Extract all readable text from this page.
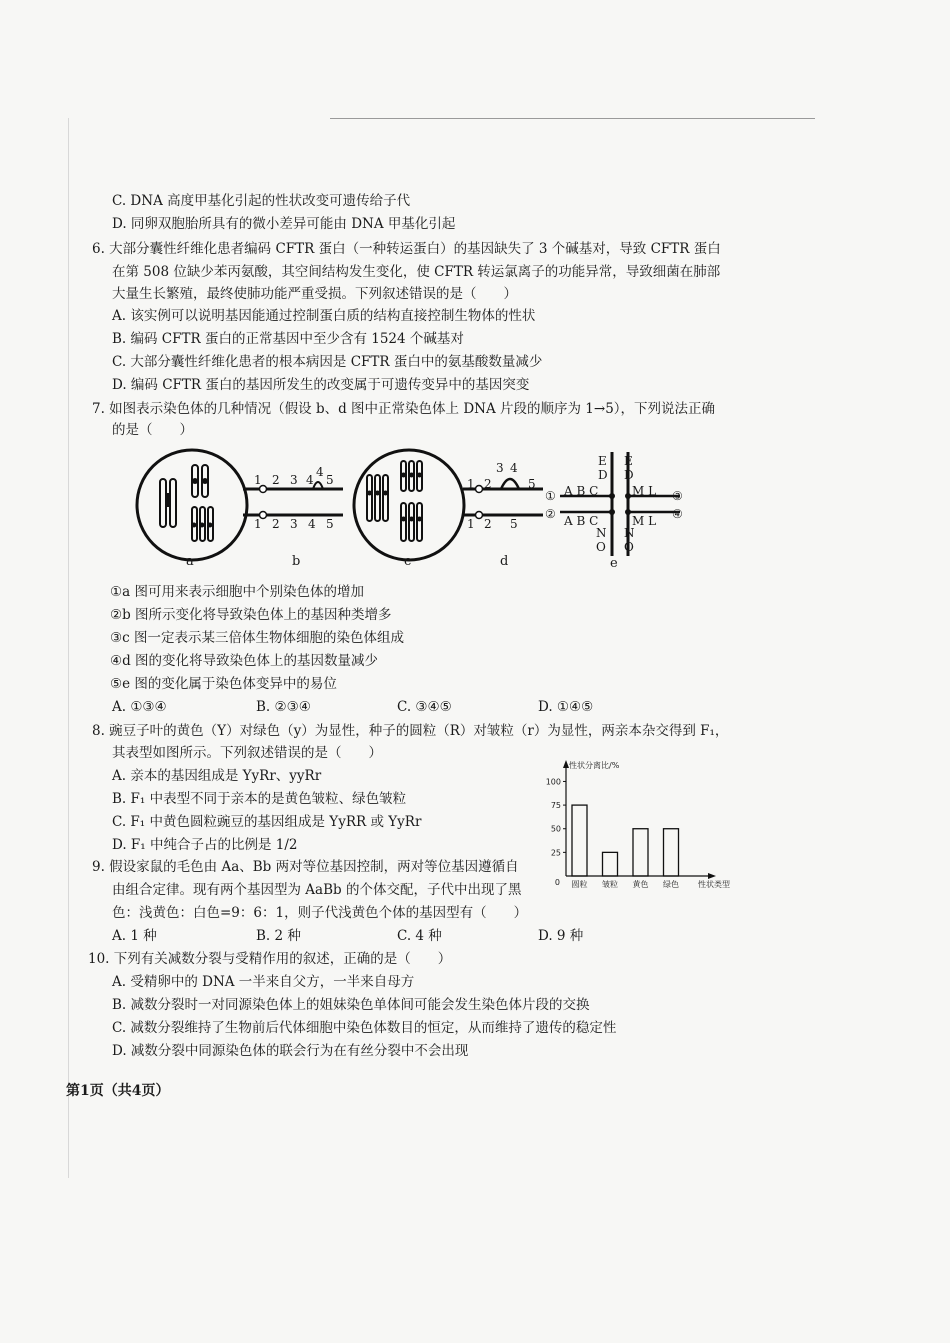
C. DNA 高度甲基化引起的性状改变可遗传给子代
D. 同卵双胞胎所具有的微小差异可能由 DNA 甲基化引起
6. 大部分囊性纤维化患者编码 CFTR 蛋白（一种转运蛋白）的基因缺失了 3 个碱基对，导致 CFTR 蛋白
在第 508 位缺少苯丙氨酸，其空间结构发生变化，使 CFTR 转运氯离子的功能异常，导致细菌在肺部
大量生长繁殖，最终使肺功能严重受损。下列叙述错误的是（　　）
A. 该实例可以说明基因能通过控制蛋白质的结构直接控制生物体的性状
B. 编码 CFTR 蛋白的正常基因中至少含有 1524 个碱基对
C. 大部分囊性纤维化患者的根本病因是 CFTR 蛋白中的氨基酸数量减少
D. 编码 CFTR 蛋白的基因所发生的改变属于可遗传变异中的基因突变
7. 如图表示染色体的几种情况（假设 b、d 图中正常染色体上 DNA 片段的顺序为 1→5），下列说法正确
的是（　　）
1 2 3 4
4
5
1 2 3 4 5
1 2
3 4
5
1 2 5
①
②
A B C
A B C
M L
M L
③
④
E
D
E
D
N
O
N
O
a	b	c	d	e
①a 图可用来表示细胞中个别染色体的增加
②b 图所示变化将导致染色体上的基因种类增多
③c 图一定表示某三倍体生物体细胞的染色体组成
④d 图的变化将导致染色体上的基因数量减少
⑤e 图的变化属于染色体变异中的易位
A. ①③④	B. ②③④	C. ③④⑤	D. ①④⑤
8. 豌豆子叶的黄色（Y）对绿色（y）为显性，种子的圆粒（R）对皱粒（r）为显性，两亲本杂交得到 F₁，
其表型如图所示。下列叙述错误的是（　　）
A. 亲本的基因组成是 YyRr、yyRr
B. F₁ 中表型不同于亲本的是黄色皱粒、绿色皱粒
C. F₁ 中黄色圆粒豌豆的基因组成是 YyRR 或 YyRr
D. F₁ 中纯合子占的比例是 1/2
性状分离比/%
性状类型
0
25
50
75
100
圆粒 皱粒 黄色 绿色
9. 假设家鼠的毛色由 Aa、Bb 两对等位基因控制，两对等位基因遵循自
由组合定律。现有两个基因型为 AaBb 的个体交配，子代中出现了黑
色：浅黄色：白色=9：6：1，则子代浅黄色个体的基因型有（　　）
A. 1 种	B. 2 种	C. 4 种	D. 9 种
10. 下列有关减数分裂与受精作用的叙述，正确的是（　　）
A. 受精卵中的 DNA 一半来自父方，一半来自母方
B. 减数分裂时一对同源染色体上的姐妹染色单体间可能会发生染色体片段的交换
C. 减数分裂维持了生物前后代体细胞中染色体数目的恒定，从而维持了遗传的稳定性
D. 减数分裂中同源染色体的联会行为在有丝分裂中不会出现
第1页（共4页）
